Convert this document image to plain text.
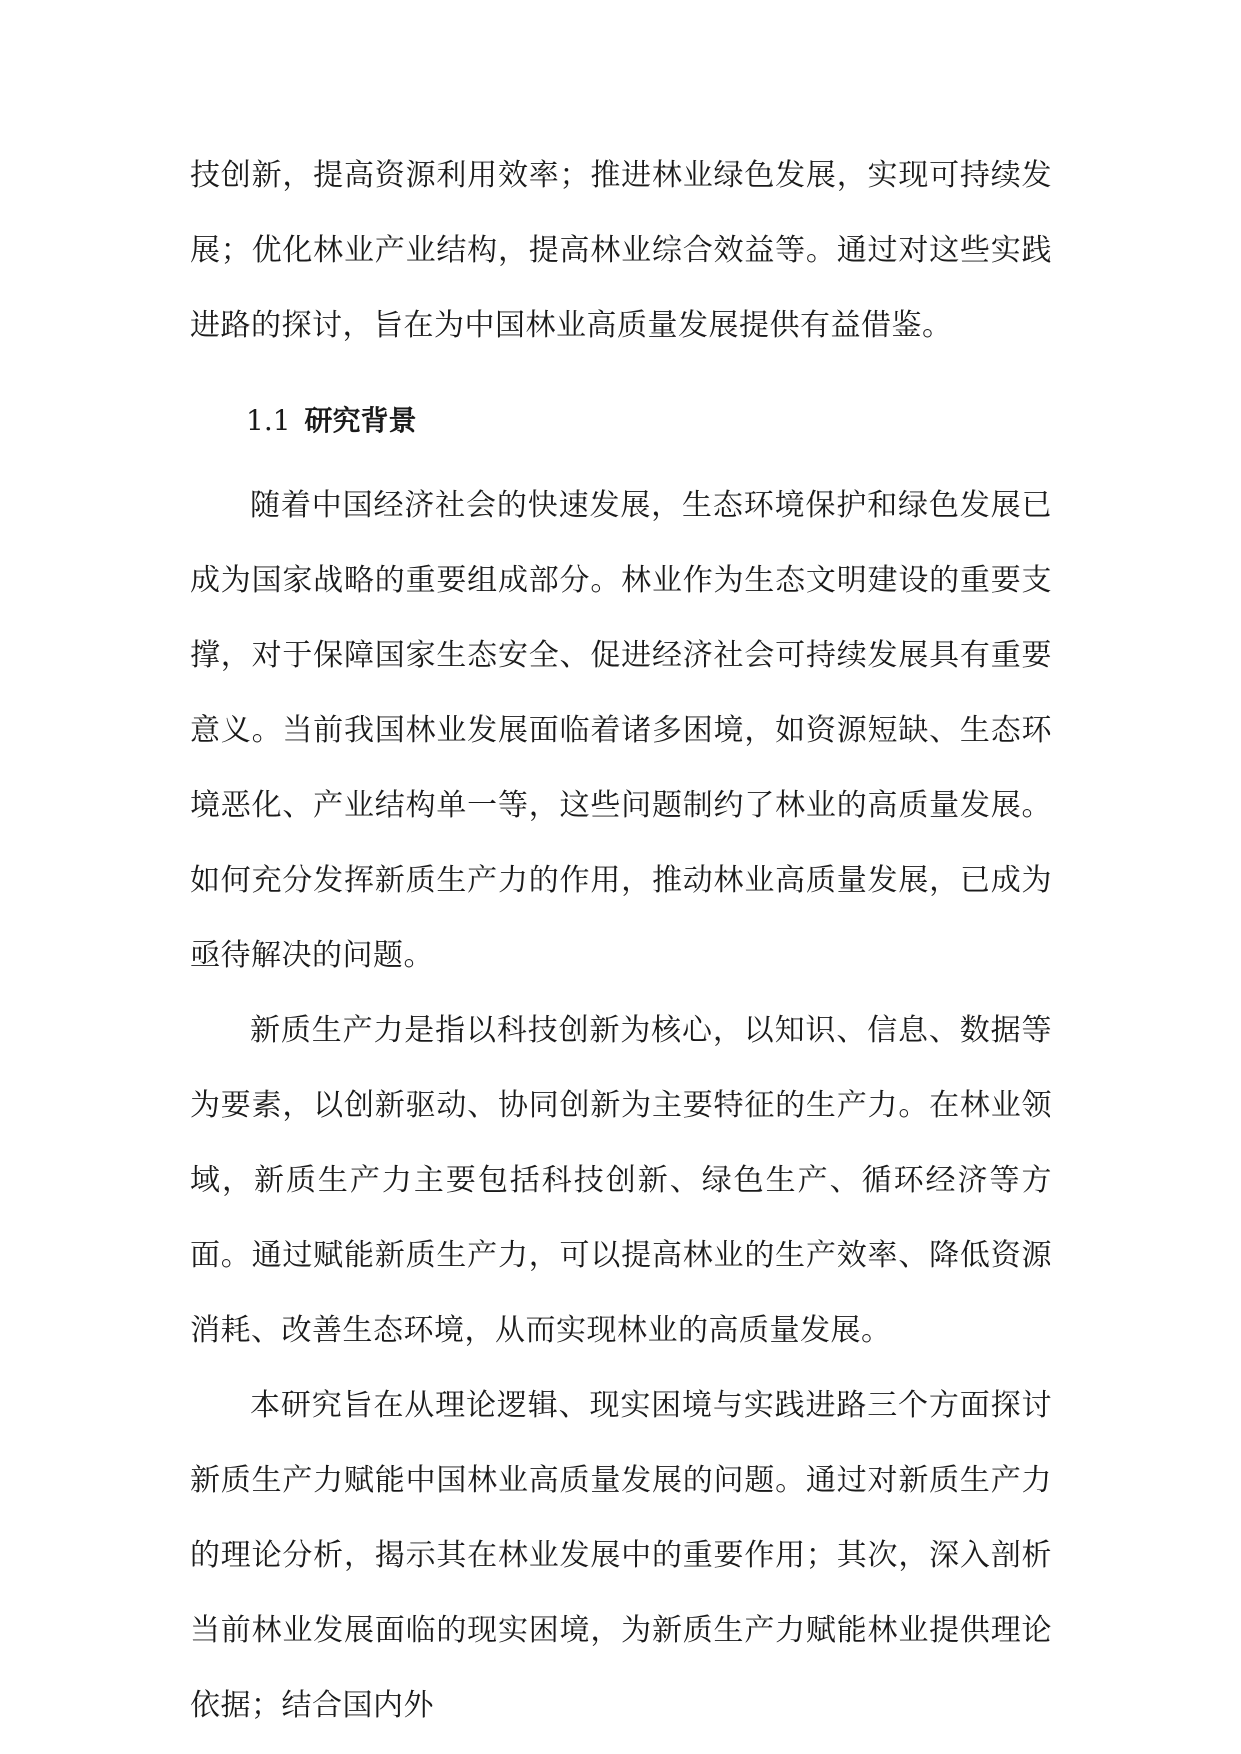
技创新，提高资源利用效率；推进林业绿色发展，实现可持续发展；优化林业产业结构，提高林业综合效益等。通过对这些实践进路的探讨，旨在为中国林业高质量发展提供有益借鉴。

1.1 研究背景

随着中国经济社会的快速发展，生态环境保护和绿色发展已成为国家战略的重要组成部分。林业作为生态文明建设的重要支撑，对于保障国家生态安全、促进经济社会可持续发展具有重要意义。当前我国林业发展面临着诸多困境，如资源短缺、生态环境恶化、产业结构单一等，这些问题制约了林业的高质量发展。如何充分发挥新质生产力的作用，推动林业高质量发展，已成为亟待解决的问题。

新质生产力是指以科技创新为核心，以知识、信息、数据等为要素，以创新驱动、协同创新为主要特征的生产力。在林业领域，新质生产力主要包括科技创新、绿色生产、循环经济等方面。通过赋能新质生产力，可以提高林业的生产效率、降低资源消耗、改善生态环境，从而实现林业的高质量发展。

本研究旨在从理论逻辑、现实困境与实践进路三个方面探讨新质生产力赋能中国林业高质量发展的问题。通过对新质生产力的理论分析，揭示其在林业发展中的重要作用；其次，深入剖析当前林业发展面临的现实困境，为新质生产力赋能林业提供理论依据；结合国内外
